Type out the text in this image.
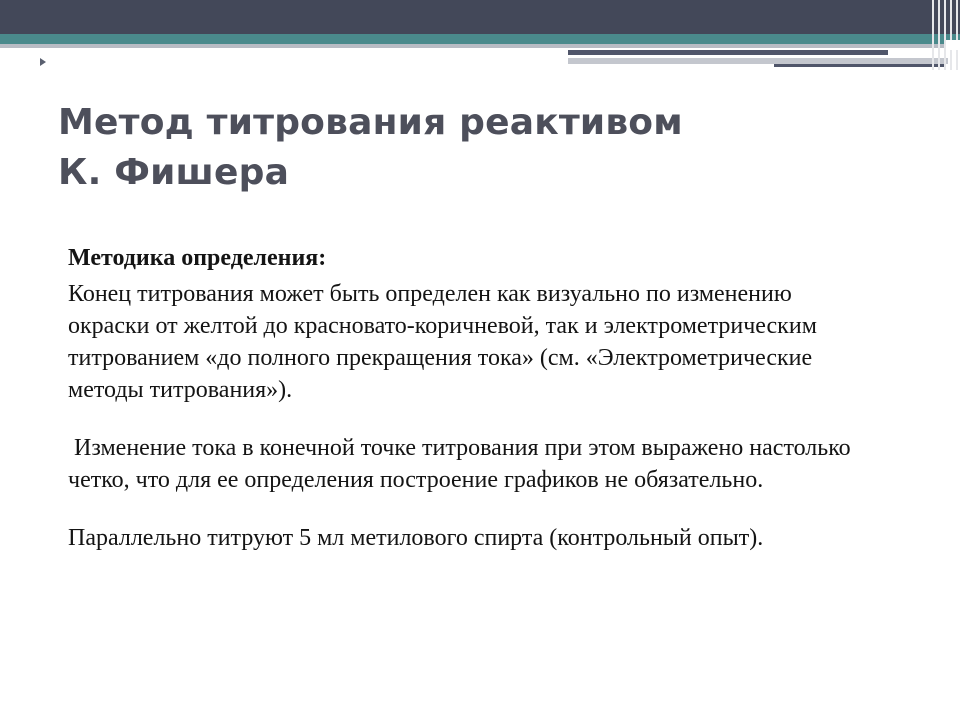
Метод титрования реактивом
К. Фишера

Методика определения:

Конец титрования может быть определен как визуально по изменению окраски от желтой до красновато-коричневой, так и электрометрическим титрованием «до полного прекращения тока» (см. «Электрометрические методы титрования»).

Изменение тока в конечной точке титрования при этом выражено настолько четко, что для ее определения построение графиков не обязательно.

Параллельно титруют 5 мл метилового спирта (контрольный опыт).
